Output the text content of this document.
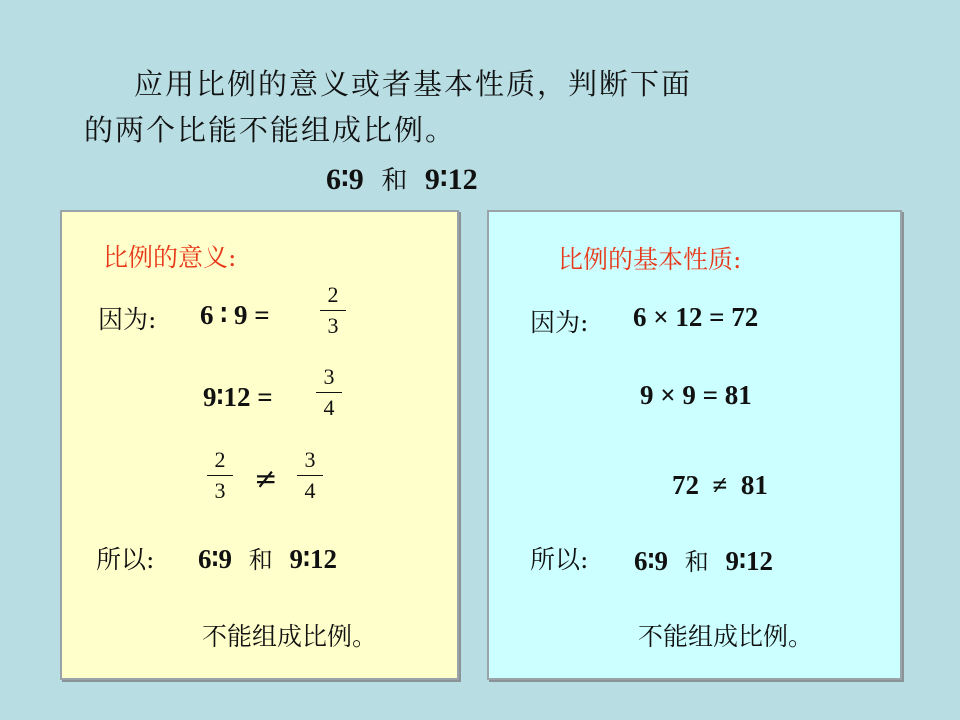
应用比例的意义或者基本性质，判断下面
的两个比能不能组成比例。
6∶9 和 9∶12
比例的意义:
因为: 6 ∶ 9 =
2
3
9∶12 =
3
4
2
3 ≠
3
4
所以: 6∶9 和 9∶12
不能组成比例。
比例的基本性质:
因为: 6 × 12 = 72
9 × 9 = 81
72  ≠  81
所以: 6∶9 和 9∶12
不能组成比例。
